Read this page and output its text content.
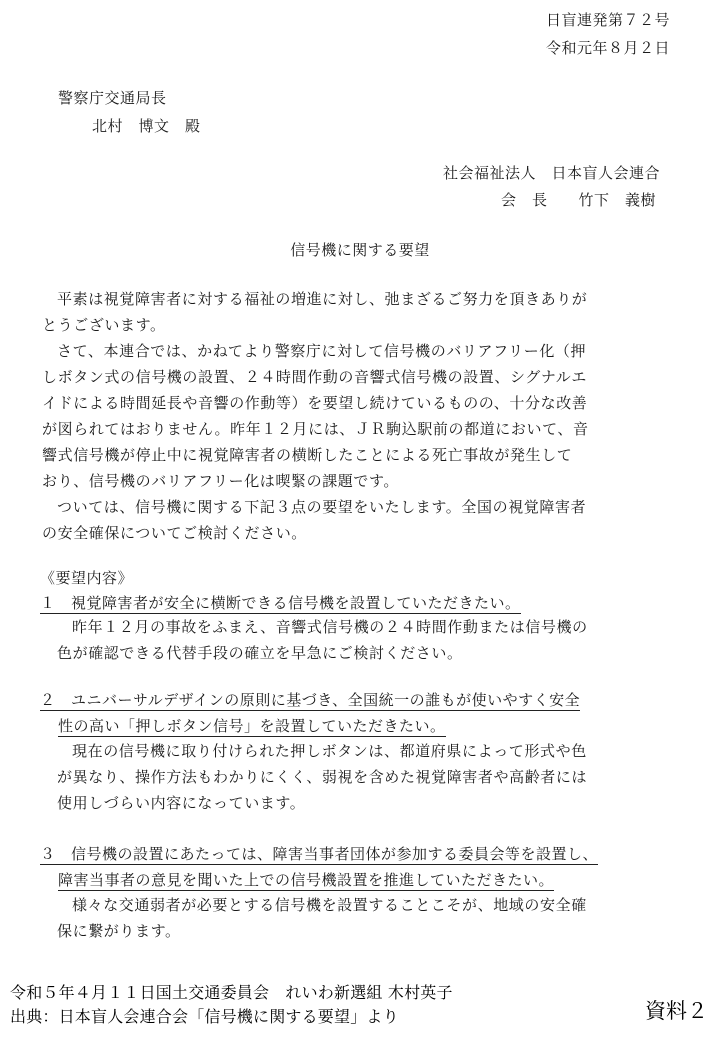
日盲連発第７２号
令和元年８月２日
警察庁交通局長
北村　博文　殿
社会福祉法人　日本盲人会連合
会　長　　竹下　義樹
信号機に関する要望
平素は視覚障害者に対する福祉の増進に対し、弛まざるご努力を頂きありが
とうございます。
さて、本連合では、かねてより警察庁に対して信号機のバリアフリー化（押
しボタン式の信号機の設置、２４時間作動の音響式信号機の設置、シグナルエ
イドによる時間延長や音響の作動等）を要望し続けているものの、十分な改善
が図られてはおりません。昨年１２月には、ＪＲ駒込駅前の都道において、音
響式信号機が停止中に視覚障害者の横断したことによる死亡事故が発生して
おり、信号機のバリアフリー化は喫緊の課題です。
ついては、信号機に関する下記３点の要望をいたします。全国の視覚障害者
の安全確保についてご検討ください。
《要望内容》
１　視覚障害者が安全に横断できる信号機を設置していただきたい。
昨年１２月の事故をふまえ、音響式信号機の２４時間作動または信号機の
色が確認できる代替手段の確立を早急にご検討ください。
２　ユニバーサルデザインの原則に基づき、全国統一の誰もが使いやすく安全
性の高い「押しボタン信号」を設置していただきたい。
現在の信号機に取り付けられた押しボタンは、都道府県によって形式や色
が異なり、操作方法もわかりにくく、弱視を含めた視覚障害者や高齢者には
使用しづらい内容になっています。
３　信号機の設置にあたっては、障害当事者団体が参加する委員会等を設置し、
障害当事者の意見を聞いた上での信号機設置を推進していただきたい。
様々な交通弱者が必要とする信号機を設置することこそが、地域の安全確
保に繋がります。
令和５年４月１１日国土交通委員会　れいわ新選組 木村英子
出典：日本盲人会連合会「信号機に関する要望」より	資料２
